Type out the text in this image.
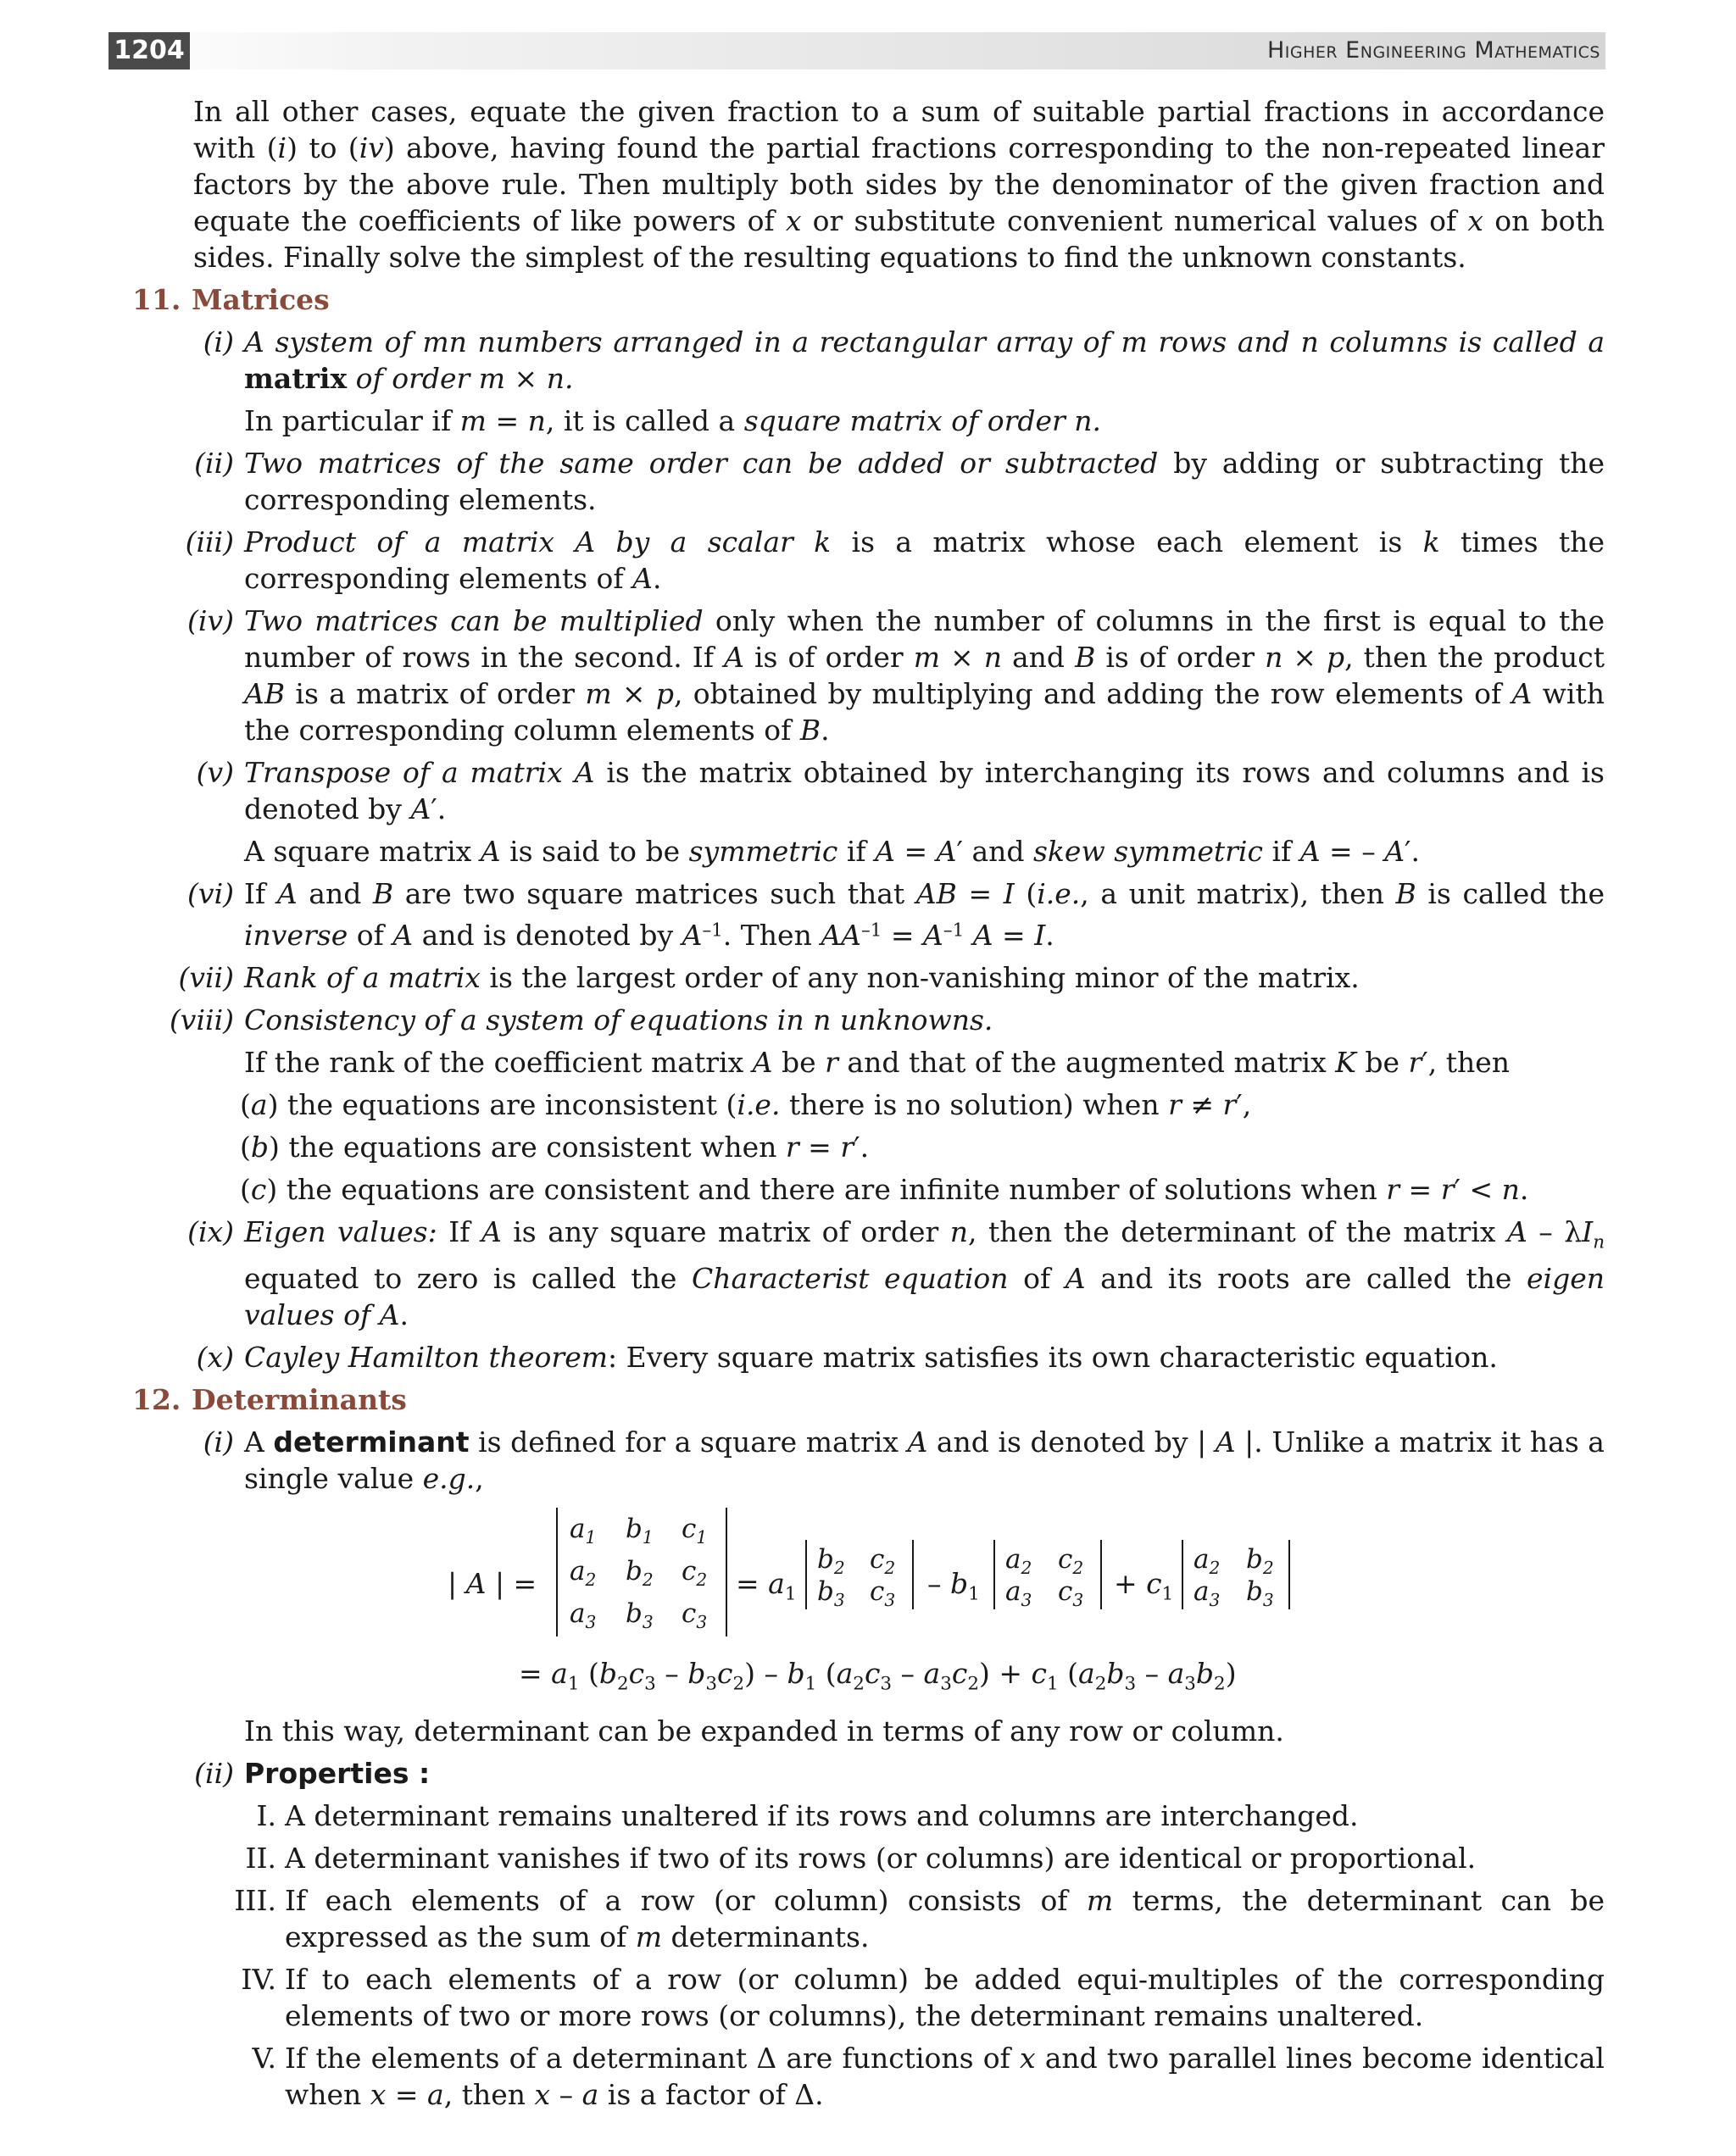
1204	Higher Engineering Mathematics
In all other cases, equate the given fraction to a sum of suitable partial fractions in accordance with (i) to (iv) above, having found the partial fractions corresponding to the non-repeated linear factors by the above rule. Then multiply both sides by the denominator of the given fraction and equate the coefficients of like powers of x or substitute convenient numerical values of x on both sides. Finally solve the simplest of the resulting equations to find the unknown constants.
11. Matrices
(i) A system of mn numbers arranged in a rectangular array of m rows and n columns is called a matrix of order m × n.
In particular if m = n, it is called a square matrix of order n.
(ii) Two matrices of the same order can be added or subtracted by adding or subtracting the corresponding elements.
(iii) Product of a matrix A by a scalar k is a matrix whose each element is k times the corresponding elements of A.
(iv) Two matrices can be multiplied only when the number of columns in the first is equal to the number of rows in the second. If A is of order m × n and B is of order n × p, then the product AB is a matrix of order m × p, obtained by multiplying and adding the row elements of A with the corresponding column elements of B.
(v) Transpose of a matrix A is the matrix obtained by interchanging its rows and columns and is denoted by A′.
A square matrix A is said to be symmetric if A = A′ and skew symmetric if A = – A′.
(vi) If A and B are two square matrices such that AB = I (i.e., a unit matrix), then B is called the inverse of A and is denoted by $A^{-1}$. Then $AA^{-1} = A^{-1}$ A = I.
(vii) Rank of a matrix is the largest order of any non-vanishing minor of the matrix.
(viii) Consistency of a system of equations in n unknowns.
If the rank of the coefficient matrix A be r and that of the augmented matrix K be r′, then
(a) the equations are inconsistent (i.e. there is no solution) when r ≠ r′,
(b) the equations are consistent when r = r′.
(c) the equations are consistent and there are infinite number of solutions when r = r′ < n.
(ix) Eigen values: If A is any square matrix of order n, then the determinant of the matrix A – $\lambda I_n$ equated to zero is called the Characterist equation of A and its roots are called the eigen values of A.
(x) Cayley Hamilton theorem: Every square matrix satisfies its own characteristic equation.
12. Determinants
(i) A determinant is defined for a square matrix A and is denoted by | A |. Unlike a matrix it has a single value e.g.,
| A | =
$a_1$ $b_1$ $c_1$
$a_2$ $b_2$ $c_2$
$a_3$ $b_3$ $c_3$
= $a_1$
$b_2$ $c_2$
$b_3$ $c_3$
– $b_1$
$a_2$ $c_2$
$a_3$ $c_3$
+ $c_1$
$a_2$ $b_2$
$a_3$ $b_3$
= $a_1$ $(b_2c_3 - b_3c_2) - b_1$ $(a_2c_3 - a_3c_2) + c_1$ $(a_2b_3 - a_3b_2)$
In this way, determinant can be expanded in terms of any row or column.
(ii) Properties :
I. A determinant remains unaltered if its rows and columns are interchanged.
II. A determinant vanishes if two of its rows (or columns) are identical or proportional.
III. If each elements of a row (or column) consists of m terms, the determinant can be expressed as the sum of m determinants.
IV. If to each elements of a row (or column) be added equi-multiples of the corresponding elements of two or more rows (or columns), the determinant remains unaltered.
V. If the elements of a determinant Δ are functions of x and two parallel lines become identical when x = a, then x – a is a factor of Δ.
